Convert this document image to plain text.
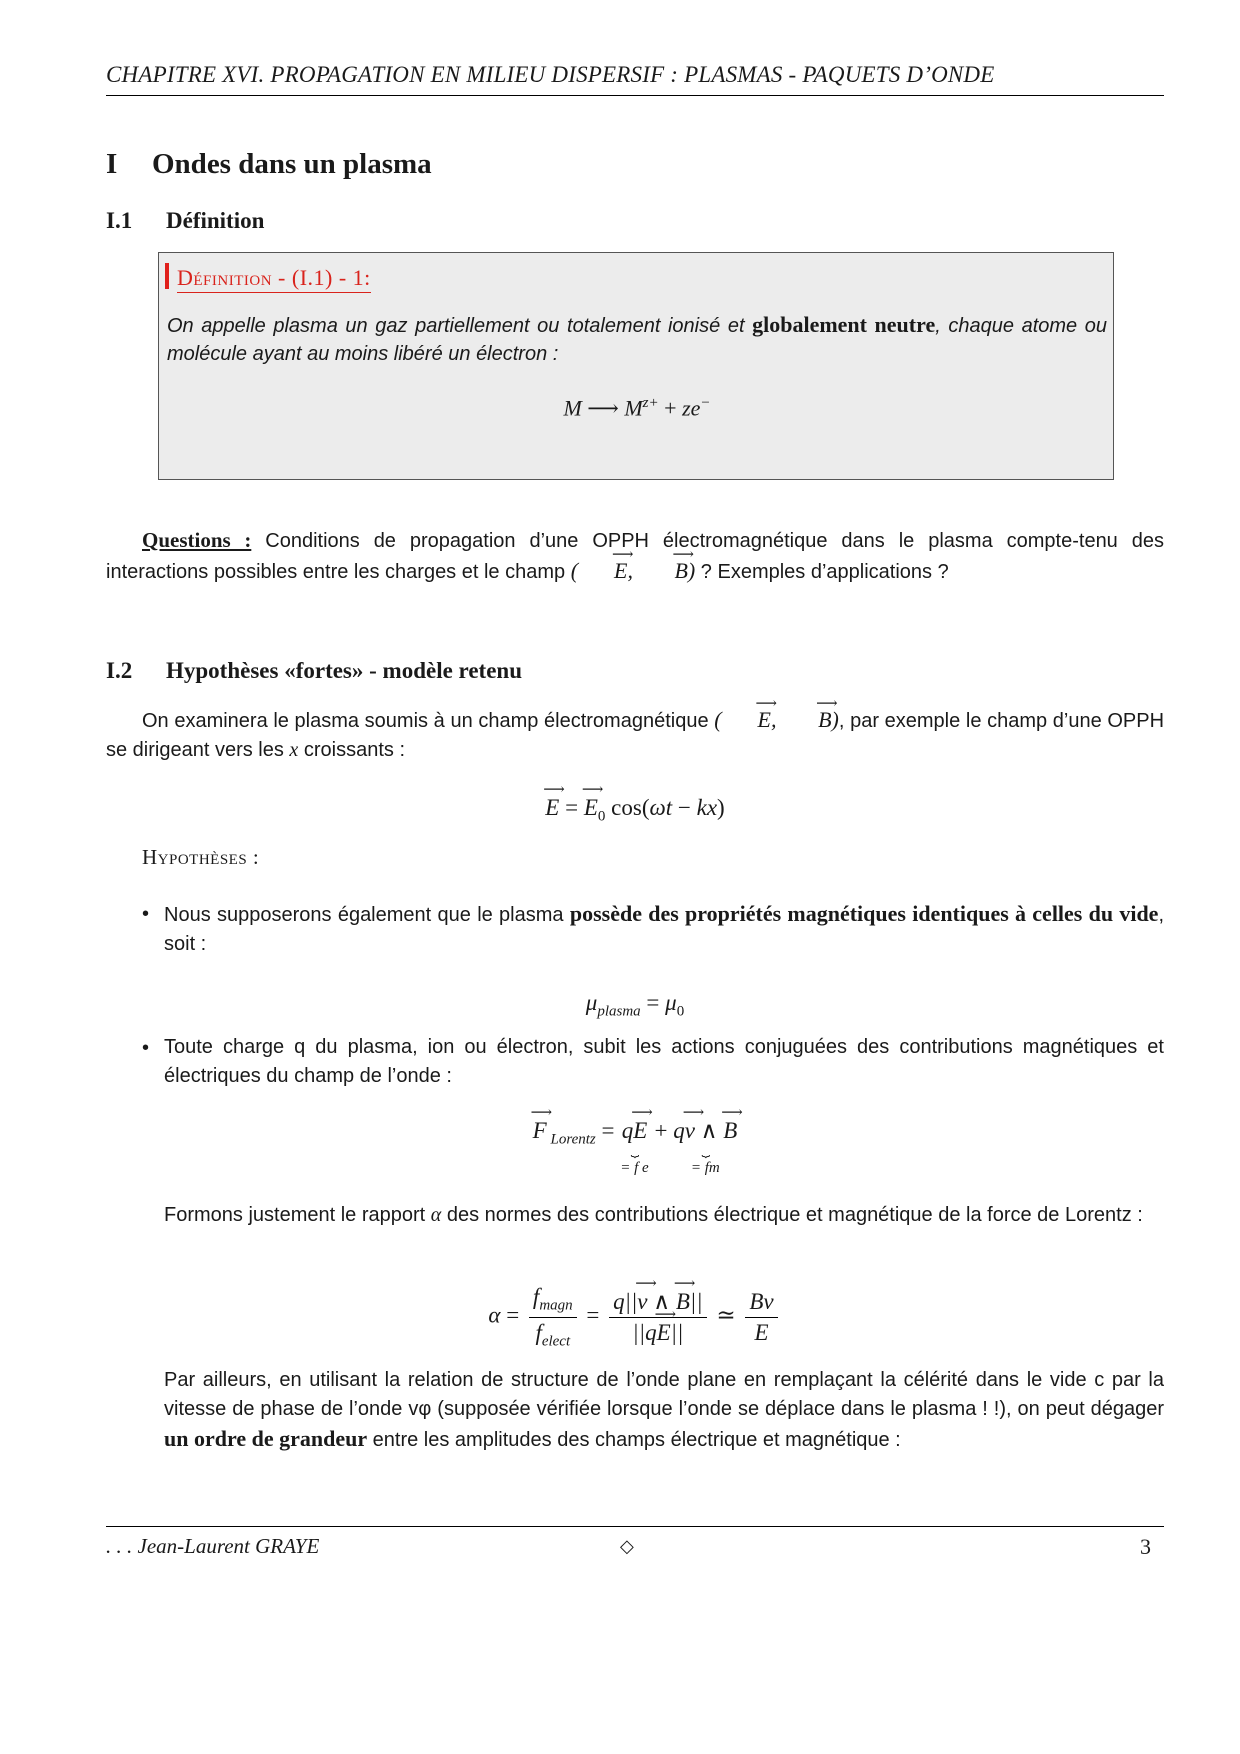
CHAPITRE XVI. PROPAGATION EN MILIEU DISPERSIF : PLASMAS - PAQUETS D’ONDE
I Ondes dans un plasma
I.1 Définition
Définition - (I.1) - 1:
On appelle plasma un gaz partiellement ou totalement ionisé et globalement neutre, chaque atome ou molécule ayant au moins libéré un électron :
M ⟶ $M^{z+} + ze^-$
Questions : Conditions de propagation d’une OPPH électromagnétique dans le plasma compte-tenu des interactions possibles entre les charges et le champ ( ⟶ E, ⟶ B) ? Exemples d’applications ?
I.2 Hypothèses «fortes» - modèle retenu
On examinera le plasma soumis à un champ électromagnétique ( ⟶ E, ⟶ B), par exemple le champ d’une OPPH se dirigeant vers les x croissants :
⟶ E = ⟶ $E_0$ cos(ωt − kx)
Hypothèses :
• Nous supposerons également que le plasma possède des propriétés magnétiques identiques à celles du vide, soit :
$\mu_{plasma} = \mu_0$
• Toute charge q du plasma, ion ou électron, subit les actions conjuguées des contributions magnétiques et électriques du champ de l’onde :
⟶ F $_{Lorentz}$ = q⟶ E
⏟
= f e
+ q⟶ v ∧ ⟶ B
⏟
= fm
Formons justement le rapport α des normes des contributions électrique et magnétique de la force de Lorentz :
$\alpha = \frac{f_{magn}}{f_{elect}} = \frac{q||⟶ v \wedge ⟶ B||}{||q⟶ E||}$ ≃ $\frac{Bv}{E}$
Par ailleurs, en utilisant la relation de structure de l’onde plane en remplaçant la célérité dans le vide c par la vitesse de phase de l’onde vφ (supposée vérifiée lorsque l’onde se déplace dans le plasma ! !), on peut dégager un ordre de grandeur entre les amplitudes des champs électrique et magnétique :
. . . Jean-Laurent GRAYE	◇	3
